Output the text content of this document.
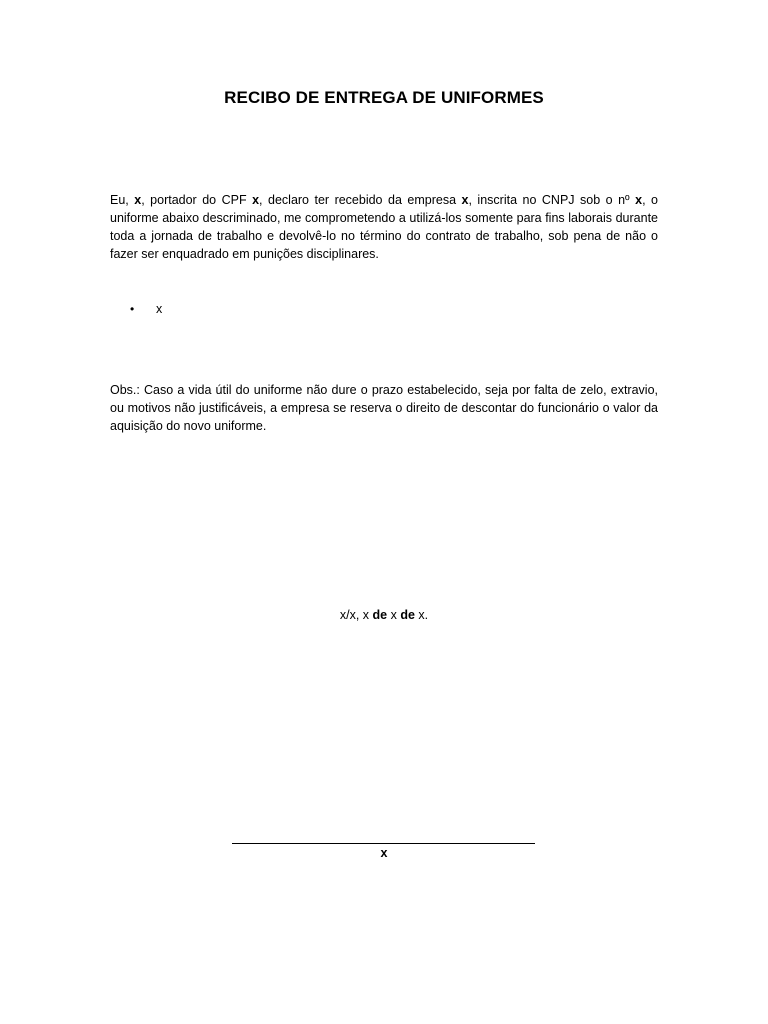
RECIBO DE ENTREGA DE UNIFORMES

Eu, x, portador do CPF x, declaro ter recebido da empresa x, inscrita no CNPJ sob o nº x, o uniforme abaixo descriminado, me comprometendo a utilizá-los somente para fins laborais durante toda a jornada de trabalho e devolvê-lo no término do contrato de trabalho, sob pena de não o fazer ser enquadrado em punições disciplinares.

•	x

Obs.: Caso a vida útil do uniforme não dure o prazo estabelecido, seja por falta de zelo, extravio, ou motivos não justificáveis, a empresa se reserva o direito de descontar do funcionário o valor da aquisição do novo uniforme.

x/x, x de x de x.
x
